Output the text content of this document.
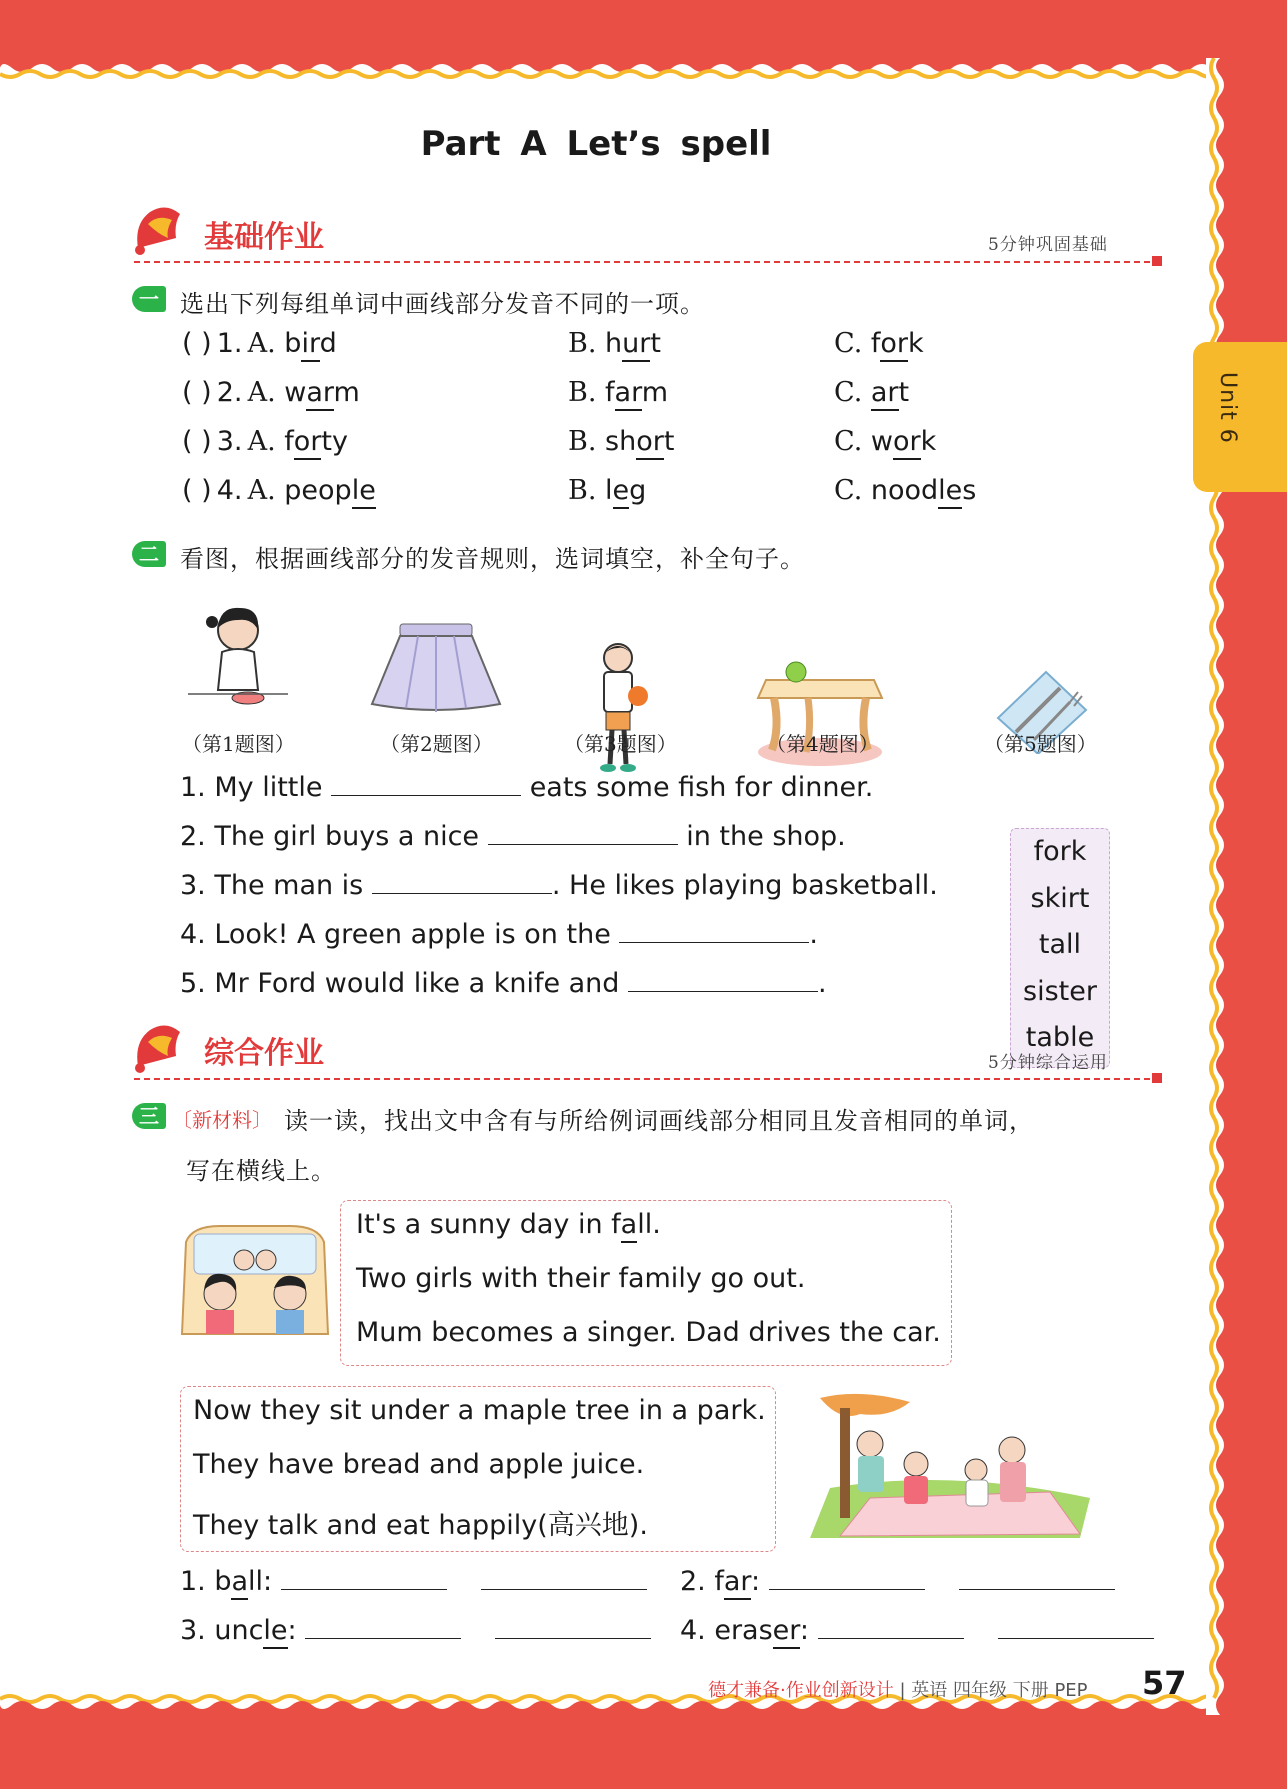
Part A Let’s spell
基础作业	5分钟巩固基础
一 选出下列每组单词中画线部分发音不同的一项。
( ) 1. A. bird	B. hurt	C. fork
( ) 2. A. warm	B. farm	C. art
( ) 3. A. forty	B. short	C. work
( ) 4. A. people	B. leg	C. noodles
二 看图，根据画线部分的发音规则，选词填空，补全句子。
（第1题图）	（第2题图）	（第3题图）	（第4题图）	（第5题图）
1. My little	eats some fish for dinner.
2. The girl buys a nice	in the shop.
3. The man is	. He likes playing basketball.
4. Look! A green apple is on the	.
5. Mr Ford would like a knife and	.
fork
skirt
tall
sister
table
综合作业	5分钟综合运用
三 〔新材料〕 读一读，找出文中含有与所给例词画线部分相同且发音相同的单词，
写在横线上。
It's a sunny day in fall.
Two girls with their family go out.
Mum becomes a singer. Dad drives the car.
Now they sit under a maple tree in a park.
They have bread and apple juice.
They talk and eat happily(高兴地).
1. ball:	2. far:
3. uncle:	4. eraser:
德才兼备·作业创新设计 | 英语 四年级 下册 PEP 57
Unit 6
